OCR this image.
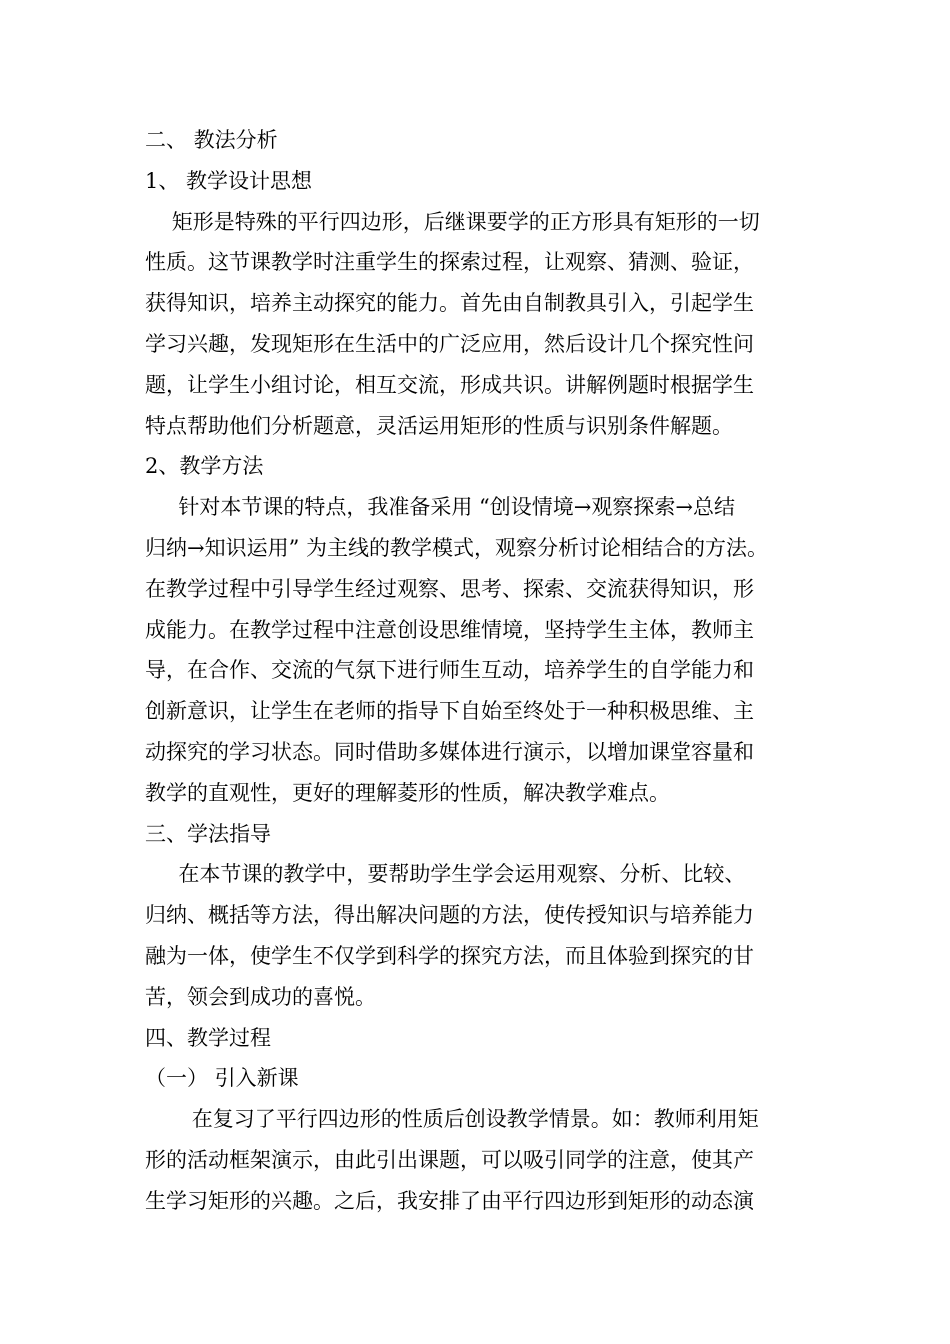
二、 教法分析
1、 教学设计思想
矩形是特殊的平行四边形，后继课要学的正方形具有矩形的一切
性质。这节课教学时注重学生的探索过程，让观察、猜测、验证，
获得知识，培养主动探究的能力。首先由自制教具引入，引起学生
学习兴趣，发现矩形在生活中的广泛应用，然后设计几个探究性问
题，让学生小组讨论，相互交流，形成共识。讲解例题时根据学生
特点帮助他们分析题意，灵活运用矩形的性质与识别条件解题。
2、教学方法
针对本节课的特点，我准备采用 “创设情境→观察探索→总结
归纳→知识运用” 为主线的教学模式，观察分析讨论相结合的方法。
在教学过程中引导学生经过观察、思考、探索、交流获得知识，形
成能力。在教学过程中注意创设思维情境，坚持学生主体，教师主
导，在合作、交流的气氛下进行师生互动，培养学生的自学能力和
创新意识，让学生在老师的指导下自始至终处于一种积极思维、主
动探究的学习状态。同时借助多媒体进行演示，以增加课堂容量和
教学的直观性，更好的理解菱形的性质，解决教学难点。
三、学法指导
在本节课的教学中，要帮助学生学会运用观察、分析、比较、
归纳、概括等方法，得出解决问题的方法，使传授知识与培养能力
融为一体，使学生不仅学到科学的探究方法，而且体验到探究的甘
苦，领会到成功的喜悦。
四、教学过程
（一） 引入新课
在复习了平行四边形的性质后创设教学情景。如：教师利用矩
形的活动框架演示，由此引出课题，可以吸引同学的注意，使其产
生学习矩形的兴趣。之后，我安排了由平行四边形到矩形的动态演
